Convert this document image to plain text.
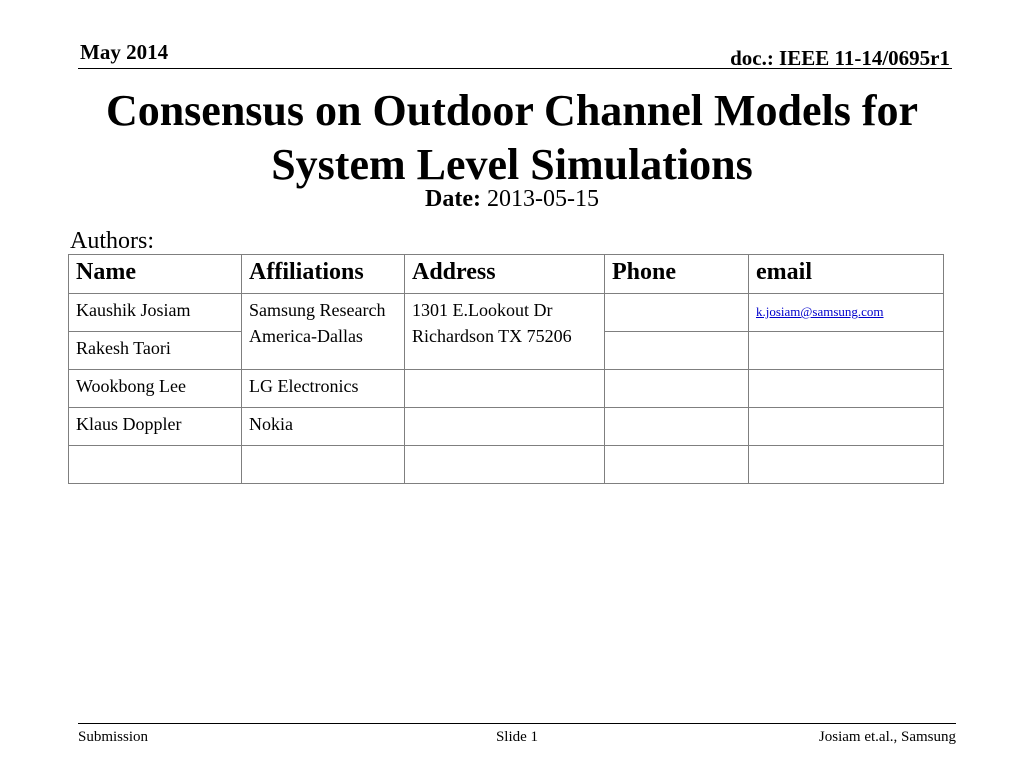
May 2014	doc.: IEEE 11-14/0695r1
Consensus on Outdoor Channel Models for
System Level Simulations
Date: 2013-05-15
Authors:
Name	Affiliations	Address	Phone	email
Kaushik Josiam	Samsung Research America-Dallas	1301 E.Lookout Dr Richardson TX 75206		k.josiam@samsung.com
Rakesh Taori				
Wookbong Lee	LG Electronics			
Klaus Doppler	Nokia			

Submission	Slide 1	Josiam et.al., Samsung
